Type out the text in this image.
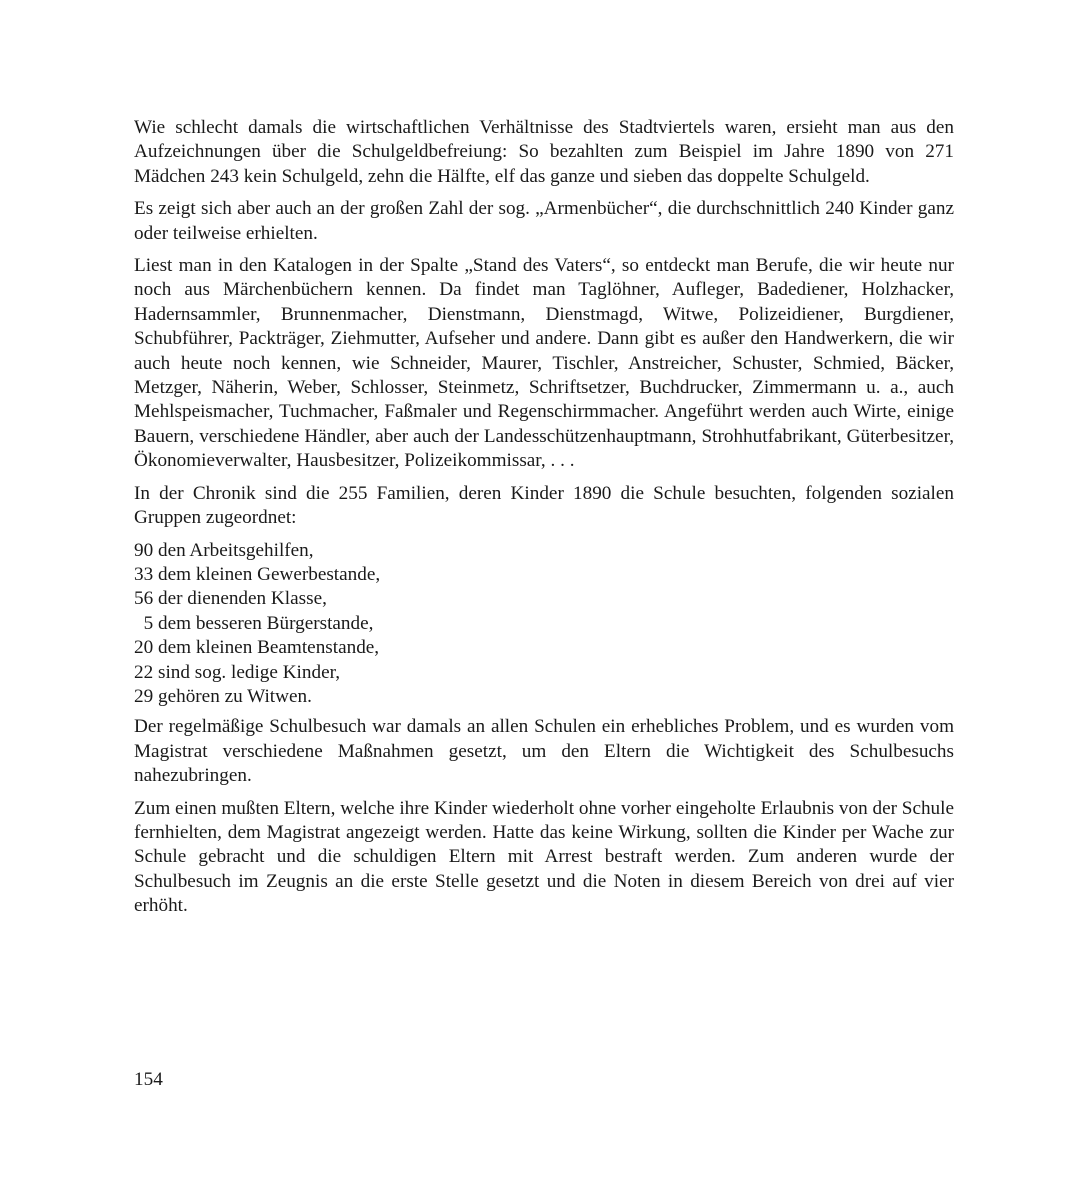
Wie schlecht damals die wirtschaftlichen Verhältnisse des Stadtviertels waren, ersieht man aus den Aufzeichnungen über die Schulgeldbefreiung: So bezahlten zum Beispiel im Jahre 1890 von 271 Mädchen 243 kein Schulgeld, zehn die Hälfte, elf das ganze und sieben das doppelte Schulgeld.

Es zeigt sich aber auch an der großen Zahl der sog. „Armenbücher“, die durchschnittlich 240 Kinder ganz oder teilweise erhielten.

Liest man in den Katalogen in der Spalte „Stand des Vaters“, so entdeckt man Berufe, die wir heute nur noch aus Märchenbüchern kennen. Da findet man Taglöhner, Aufleger, Badediener, Holzhacker, Hadernsammler, Brunnenmacher, Dienstmann, Dienstmagd, Witwe, Polizeidiener, Burgdiener, Schubführer, Packträger, Ziehmutter, Aufseher und andere. Dann gibt es außer den Handwerkern, die wir auch heute noch kennen, wie Schneider, Maurer, Tischler, Anstreicher, Schuster, Schmied, Bäcker, Metzger, Näherin, Weber, Schlosser, Steinmetz, Schriftsetzer, Buchdrucker, Zimmermann u. a., auch Mehlspeismacher, Tuchmacher, Faßmaler und Regenschirmmacher. Angeführt werden auch Wirte, einige Bauern, verschiedene Händler, aber auch der Landesschützenhauptmann, Strohhutfabrikant, Güterbesitzer, Ökonomieverwalter, Hausbesitzer, Polizeikommissar, . . .

In der Chronik sind die 255 Familien, deren Kinder 1890 die Schule besuchten, folgenden sozialen Gruppen zugeordnet:

90 den Arbeitsgehilfen,
33 dem kleinen Gewerbestande,
56 der dienenden Klasse,
5 dem besseren Bürgerstande,
20 dem kleinen Beamtenstande,
22 sind sog. ledige Kinder,
29 gehören zu Witwen.

Der regelmäßige Schulbesuch war damals an allen Schulen ein erhebliches Problem, und es wurden vom Magistrat verschiedene Maßnahmen gesetzt, um den Eltern die Wichtigkeit des Schulbesuchs nahezubringen.

Zum einen mußten Eltern, welche ihre Kinder wiederholt ohne vorher eingeholte Erlaubnis von der Schule fernhielten, dem Magistrat angezeigt werden. Hatte das keine Wirkung, sollten die Kinder per Wache zur Schule gebracht und die schuldigen Eltern mit Arrest bestraft werden. Zum anderen wurde der Schulbesuch im Zeugnis an die erste Stelle gesetzt und die Noten in diesem Bereich von drei auf vier erhöht.

154
